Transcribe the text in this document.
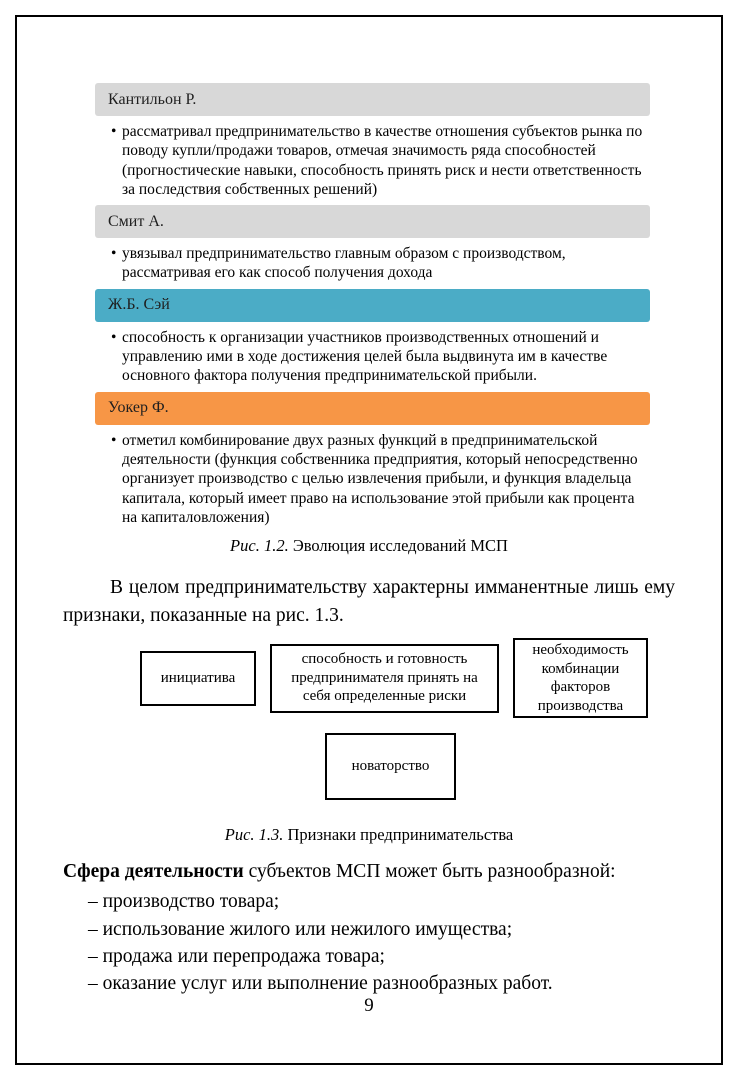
Кантильон Р.
• рассматривал предпринимательство в качестве отношения субъектов рынка по поводу купли/продажи товаров, отмечая значимость ряда способностей (прогностические навыки, способность принять риск и нести ответственность за последствия собственных решений)
Смит А.
• увязывал предпринимательство главным образом с производством, рассматривая его как способ получения дохода
Ж.Б. Сэй
• способность к организации участников производственных отношений и управлению ими в ходе достижения целей была выдвинута им в качестве основного фактора получения предпринимательской прибыли.
Уокер Ф.
• отметил комбинирование двух разных функций в предпринимательской деятельности (функция собственника предприятия, который непосредственно организует производство с целью извлечения прибыли, и функция владельца капитала, который имеет право на использование этой прибыли как процента на капиталовложения)

Рис. 1.2. Эволюция исследований МСП

В целом предпринимательству характерны имманентные лишь ему признаки, показанные на рис. 1.3.

инициатива
способность и готовность предпринимателя принять на себя определенные риски
необходимость комбинации факторов производства
новаторство

Рис. 1.3. Признаки предпринимательства

Сфера деятельности субъектов МСП может быть разнообразной:

– производство товара;

– использование жилого или нежилого имущества;

– продажа или перепродажа товара;

– оказание услуг или выполнение разнообразных работ.

9
